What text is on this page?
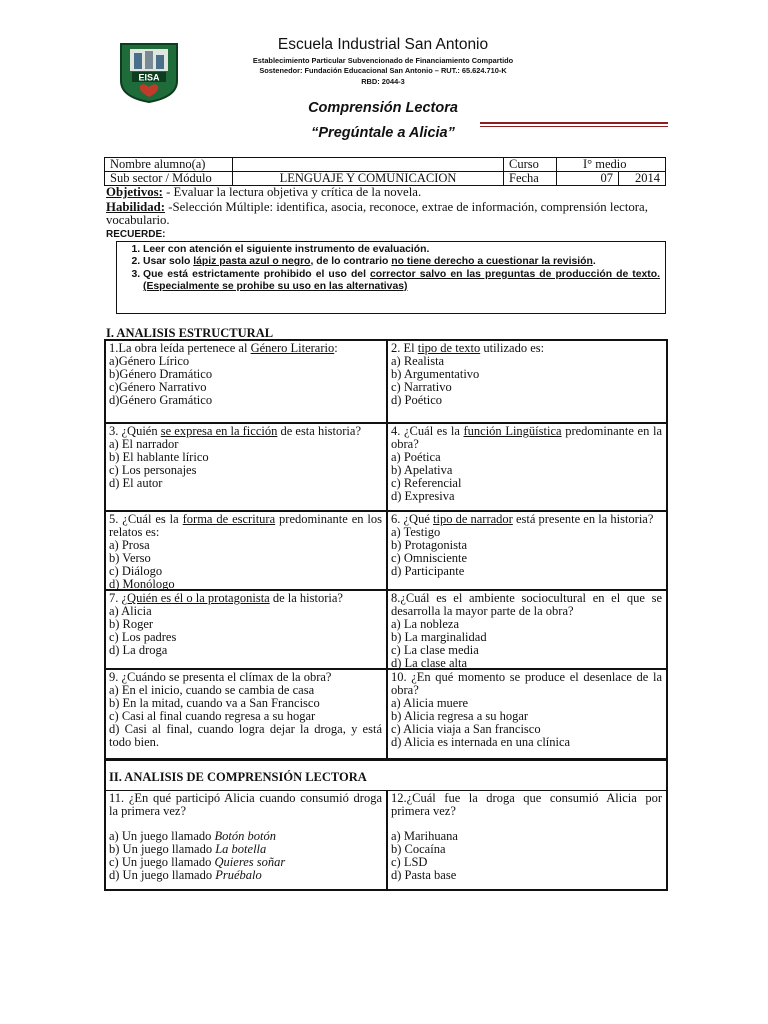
EISA
Escuela Industrial San Antonio
Establecimiento Particular Subvencionado de Financiamiento Compartido
Sostenedor: Fundación Educacional San Antonio – RUT.: 65.624.710-K
RBD: 2044-3
Comprensión Lectora
“Pregúntale a Alicia”
Nombre alumno(a)		Curso	I° medio	
Sub sector / Módulo	LENGUAJE Y COMUNICACION	Fecha	07	2014
Objetivos: - Evaluar la lectura objetiva y crítica de la novela.
Habilidad: -Selección Múltiple: identifica, asocia, reconoce, extrae de información, comprensión lectora, vocabulario.
RECUERDE:
1. Leer con atención el siguiente instrumento de evaluación.
2. Usar solo lápiz pasta azul o negro, de lo contrario no tiene derecho a cuestionar la revisión.
3. Que está estrictamente prohibido el uso del corrector salvo en las preguntas de producción de texto. (Especialmente se prohibe su uso en las alternativas)
I. ANALISIS ESTRUCTURAL
1.La obra leída pertenece al Género Literario:
a)Género Lírico
b)Género Dramático
c)Género Narrativo
d)Género Gramático
2. El tipo de texto utilizado es:
a) Realista
b) Argumentativo
c) Narrativo
d) Poético
3. ¿Quién se expresa en la ficción de esta historia?
a) El narrador
b) El hablante lírico
c) Los personajes
d) El autor
4. ¿Cuál es la función Lingüística predominante en la obra?
a) Poética
b) Apelativa
c) Referencial
d) Expresiva
5. ¿Cuál es la forma de escritura predominante en los relatos es:
a) Prosa
b) Verso
c) Diálogo
d) Monólogo
6. ¿Qué tipo de narrador está presente en la historia?
a) Testigo
b) Protagonista
c) Omnisciente
d) Participante
7. ¿Quién es él o la protagonista de la historia?
a) Alicia
b) Roger
c) Los padres
d) La droga
8.¿Cuál es el ambiente sociocultural en el que se desarrolla la mayor parte de la obra?
a) La nobleza
b) La marginalidad
c) La clase media
d) La clase alta
9. ¿Cuándo se presenta el clímax de la obra?
a) En el inicio, cuando se cambia de casa
b) En la mitad, cuando va a San Francisco
c) Casi al final cuando regresa a su hogar
d) Casi al final, cuando logra dejar la droga, y está todo bien.
10. ¿En qué momento se produce el desenlace de la obra?
a) Alicia muere
b) Alicia regresa a su hogar
c) Alicia viaja a San francisco
d) Alicia es internada en una clínica
II. ANALISIS DE COMPRENSIÓN LECTORA
11. ¿En qué participó Alicia cuando consumió droga la primera vez?
a) Un juego llamado Botón botón
b) Un juego llamado La botella
c) Un juego llamado Quieres soñar
d) Un juego llamado Pruébalo
12.¿Cuál fue la droga que consumió Alicia por primera vez?
a) Marihuana
b) Cocaína
c) LSD
d) Pasta base
